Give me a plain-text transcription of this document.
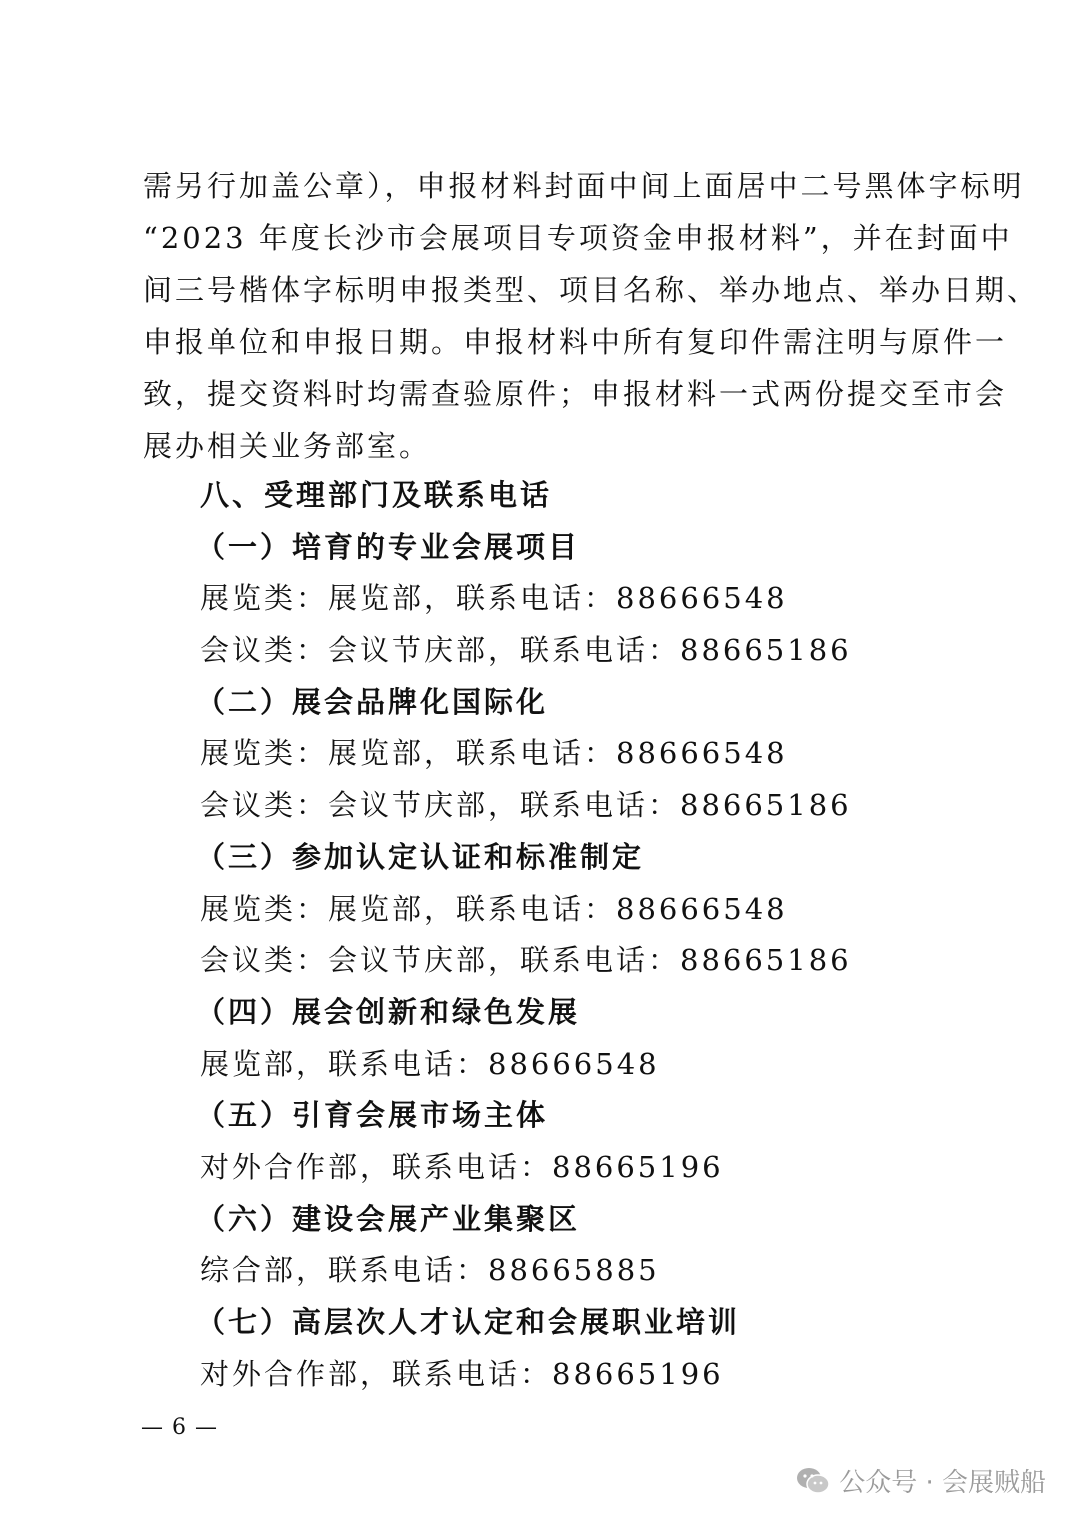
需另行加盖公章），申报材料封面中间上面居中二号黑体字标明
“2023 年度长沙市会展项目专项资金申报材料”，并在封面中
间三号楷体字标明申报类型、项目名称、举办地点、举办日期、
申报单位和申报日期。申报材料中所有复印件需注明与原件一
致，提交资料时均需查验原件；申报材料一式两份提交至市会
展办相关业务部室。
八、受理部门及联系电话
（一）培育的专业会展项目
展览类：展览部，联系电话：88666548
会议类：会议节庆部，联系电话：88665186
（二）展会品牌化国际化
展览类：展览部，联系电话：88666548
会议类：会议节庆部，联系电话：88665186
（三）参加认定认证和标准制定
展览类：展览部，联系电话：88666548
会议类：会议节庆部，联系电话：88665186
（四）展会创新和绿色发展
展览部，联系电话：88666548
（五）引育会展市场主体
对外合作部，联系电话：88665196
（六）建设会展产业集聚区
综合部，联系电话：88665885
（七）高层次人才认定和会展职业培训
对外合作部，联系电话：88665196
— 6 —
公众号 · 会展贼船
